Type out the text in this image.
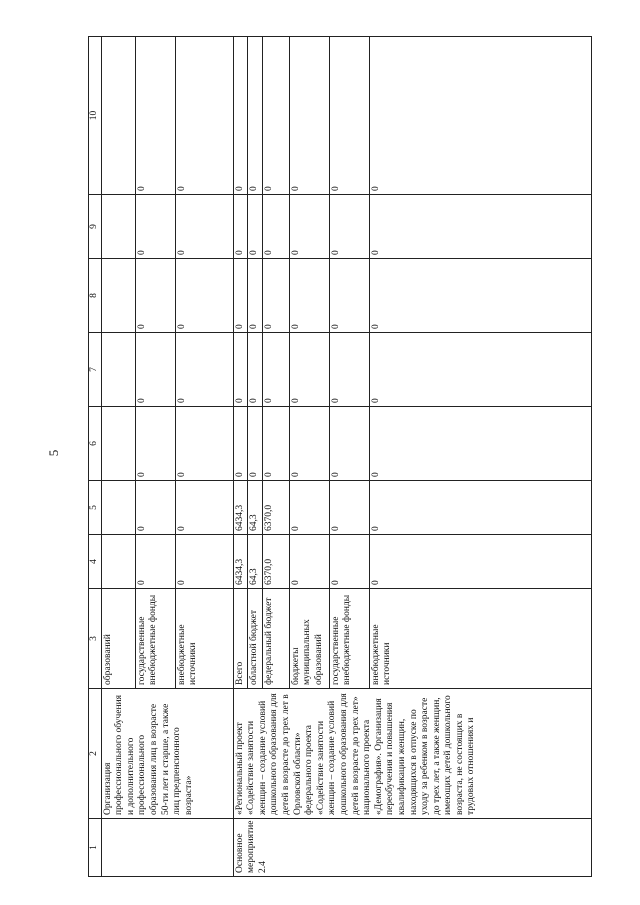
5
1	2	3	4	5	6	7	8	9	10
	Организация профессионального обучения и дополнительного профессионального образования лиц в возрасте 50-ти лет и старше, а также лиц предпенсионного возраста»	образований							
		государственные внебюджетные фонды	0	0	0	0	0	0	0
		внебюджетные источники	0	0	0	0	0	0	0
Основное мероприятие 2.4	«Региональный проект «Содействие занятости женщин – создание условий дошкольного образования для детей в возрасте до трех лет в Орловской области» федерального проекта «Содействие занятости женщин – создание условий дошкольного образования для детей в возрасте до трех лет» национального проекта «Демография». Организация переобучения и повышения квалификации женщин, находящихся в отпуске по уходу за ребенком в возрасте до трех лет, а также женщин, имеющих детей дошкольного возраста, не состоящих в трудовых отношениях и	Всего	6434,3	6434,3	0	0	0	0	0
		областной бюджет	64,3	64,3	0	0	0	0	0
		федеральный бюджет	6370,0	6370,0	0	0	0	0	0
		бюджеты муниципальных образований	0	0	0	0	0	0	0
		государственные внебюджетные фонды	0	0	0	0	0	0	0
		внебюджетные источники	0	0	0	0	0	0	0
